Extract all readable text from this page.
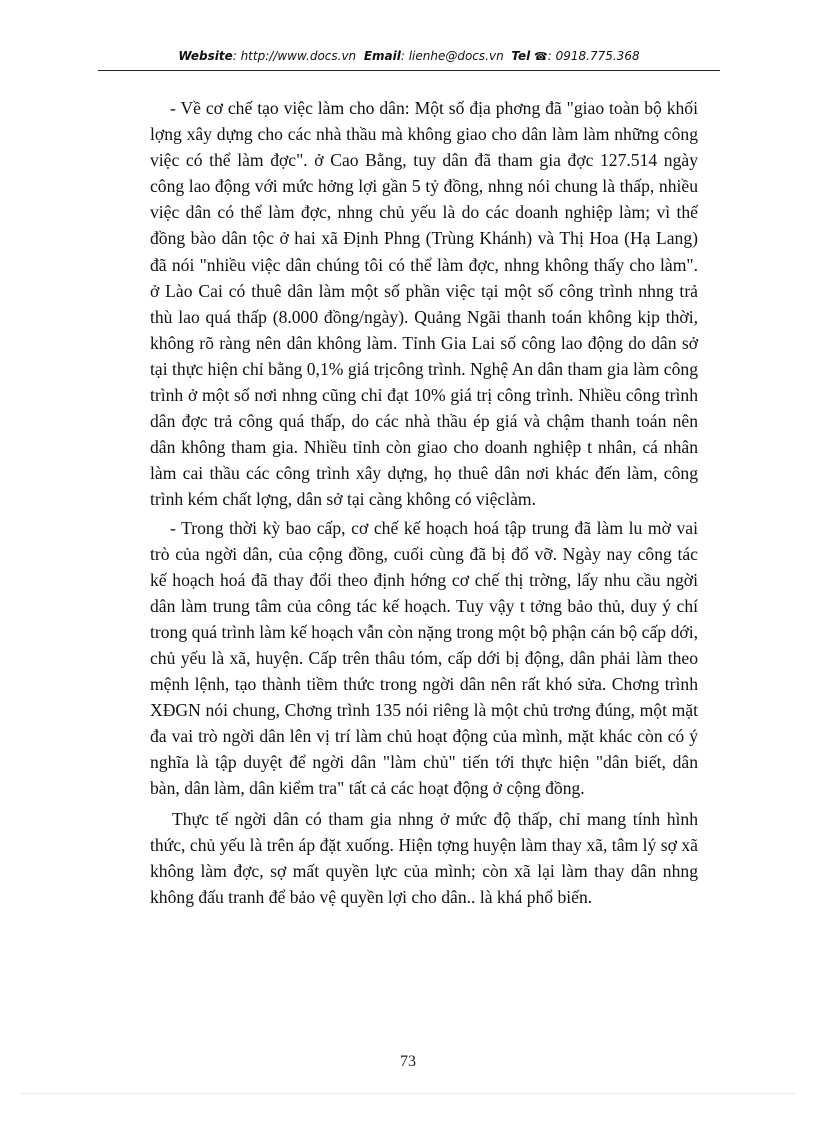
Website: http://www.docs.vn Email: lienhe@docs.vn Tel ☎: 0918.775.368

- Về cơ chế tạo việc làm cho dân: Một số địa phơng đã "giao toàn bộ khối lợng xây dựng cho các nhà thầu mà không giao cho dân làm làm những công việc có thể làm đợc". ở Cao Bằng, tuy dân đã tham gia đợc 127.514 ngày công lao động với mức hởng lợi gần 5 tỷ đồng, nhng nói chung là thấp, nhiều việc dân có thể làm đợc, nhng chủ yếu là do các doanh nghiệp làm; vì thế đồng bào dân tộc ở hai xã Định Phng (Trùng Khánh) và Thị Hoa (Hạ Lang) đã nói "nhiều việc dân chúng tôi có thể làm đợc, nhng không thấy cho làm". ở Lào Cai có thuê dân làm một số phần việc tại một số công trình nhng trả thù lao quá thấp (8.000 đồng/ngày). Quảng Ngãi thanh toán không kịp thời, không rõ ràng nên dân không làm. Tỉnh Gia Lai số công lao động do dân sở tại thực hiện chỉ bằng 0,1% giá trịcông trình. Nghệ An dân tham gia làm công trình ở một số nơi nhng cũng chỉ đạt 10% giá trị công trình. Nhiều công trình dân đợc trả công quá thấp, do các nhà thầu ép giá và chậm thanh toán nên dân không tham gia. Nhiều tỉnh còn giao cho doanh nghiệp t nhân, cá nhân làm cai thầu các công trình xây dựng, họ thuê dân nơi khác đến làm, công trình kém chất lợng, dân sở tại càng không có việclàm.

- Trong thời kỳ bao cấp, cơ chế kế hoạch hoá tập trung đã làm lu mờ vai trò của ngời dân, của cộng đồng, cuối cùng đã bị đổ vỡ. Ngày nay công tác kế hoạch hoá đã thay đổi theo định hớng cơ chế thị trờng, lấy nhu cầu ngời dân làm trung tâm của công tác kế hoạch. Tuy vậy t tởng bảo thủ, duy ý chí trong quá trình làm kế hoạch vẫn còn nặng trong một bộ phận cán bộ cấp dới, chủ yếu là xã, huyện. Cấp trên thâu tóm, cấp dới bị động, dân phải làm theo mệnh lệnh, tạo thành tiềm thức trong ngời dân nên rất khó sửa. Chơng trình XĐGN nói chung, Chơng trình 135 nói riêng là một chủ trơng đúng, một mặt đa vai trò ngời dân lên vị trí làm chủ hoạt động của mình, mặt khác còn có ý nghĩa là tập duyệt để ngời dân "làm chủ" tiến tới thực hiện "dân biết, dân bàn, dân làm, dân kiểm tra" tất cả các hoạt động ở cộng đồng.

Thực tế ngời dân có tham gia nhng ở mức độ thấp, chỉ mang tính hình thức, chủ yếu là trên áp đặt xuống. Hiện tợng huyện làm thay xã, tâm lý sợ xã không làm đợc, sợ mất quyền lực của mình; còn xã lại làm thay dân nhng không đấu tranh để bảo vệ quyền lợi cho dân.. là khá phổ biến.

73
